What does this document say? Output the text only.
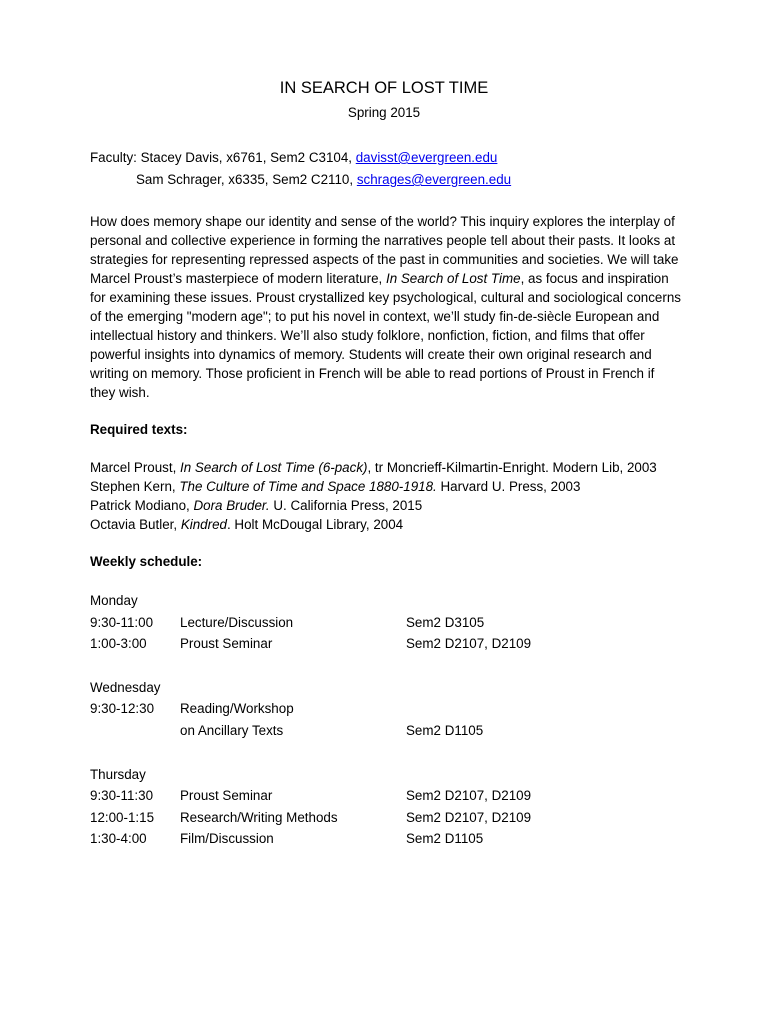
IN SEARCH OF LOST TIME
Spring 2015
Faculty: Stacey Davis, x6761, Sem2 C3104, davisst@evergreen.edu
Sam Schrager, x6335, Sem2 C2110, schrages@evergreen.edu
How does memory shape our identity and sense of the world? This inquiry explores the interplay of personal and collective experience in forming the narratives people tell about their pasts. It looks at strategies for representing repressed aspects of the past in communities and societies. We will take Marcel Proust’s masterpiece of modern literature, In Search of Lost Time, as focus and inspiration for examining these issues. Proust crystallized key psychological, cultural and sociological concerns of the emerging "modern age"; to put his novel in context, we’ll study fin-de-siècle European and intellectual history and thinkers. We’ll also study folklore, nonfiction, fiction, and films that offer powerful insights into dynamics of memory. Students will create their own original research and writing on memory. Those proficient in French will be able to read portions of Proust in French if they wish.
Required texts:
Marcel Proust, In Search of Lost Time (6-pack), tr Moncrieff-Kilmartin-Enright. Modern Lib, 2003
Stephen Kern, The Culture of Time and Space 1880-1918. Harvard U. Press, 2003
Patrick Modiano, Dora Bruder. U. California Press, 2015
Octavia Butler, Kindred. Holt McDougal Library, 2004
Weekly schedule:
Monday
9:30-11:00 Lecture/Discussion	Sem2 D3105
1:00-3:00 Proust Seminar	Sem2 D2107, D2109
Wednesday
9:30-12:30 Reading/Workshop
on Ancillary Texts	Sem2 D1105
Thursday
9:30-11:30 Proust Seminar	Sem2 D2107, D2109
12:00-1:15 Research/Writing Methods	Sem2 D2107, D2109
1:30-4:00 Film/Discussion	Sem2 D1105
